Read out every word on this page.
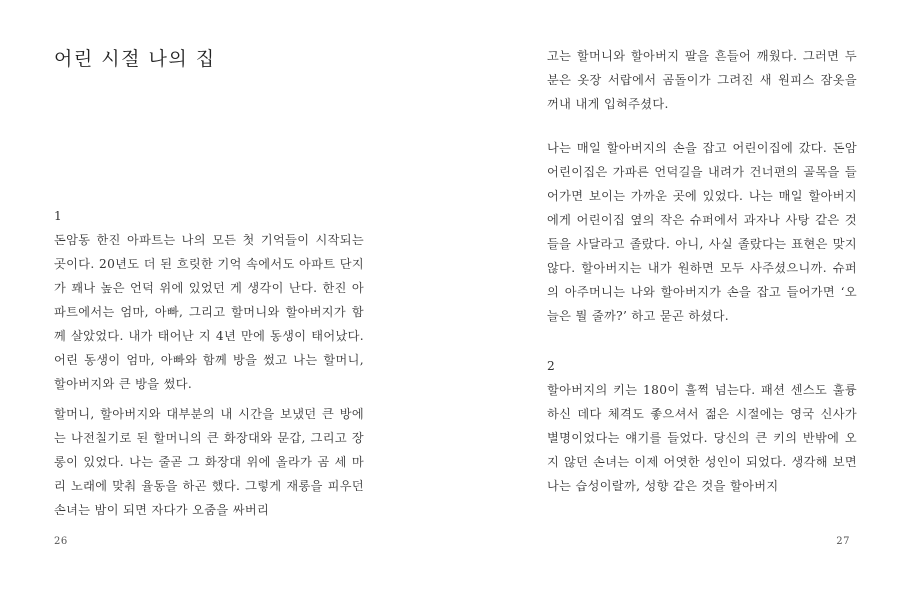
어린 시절 나의 집
1

돈암동 한진 아파트는 나의 모든 첫 기억들이 시작되는 곳이다. 20년도 더 된 흐릿한 기억 속에서도 아파트 단지가 꽤나 높은 언덕 위에 있었던 게 생각이 난다. 한진 아파트에서는 엄마, 아빠, 그리고 할머니와 할아버지가 함께 살았었다. 내가 태어난 지 4년 만에 동생이 태어났다. 어린 동생이 엄마, 아빠와 함께 방을 썼고 나는 할머니, 할아버지와 큰 방을 썼다.

할머니, 할아버지와 대부분의 내 시간을 보냈던 큰 방에는 나전칠기로 된 할머니의 큰 화장대와 문갑, 그리고 장롱이 있었다. 나는 줄곧 그 화장대 위에 올라가 곰 세 마리 노래에 맞춰 율동을 하곤 했다. 그렇게 재롱을 피우던 손녀는 밤이 되면 자다가 오줌을 싸버리

26

고는 할머니와 할아버지 팔을 흔들어 깨웠다. 그러면 두 분은 옷장 서랍에서 곰돌이가 그려진 새 원피스 잠옷을 꺼내 내게 입혀주셨다.

나는 매일 할아버지의 손을 잡고 어린이집에 갔다. 돈암 어린이집은 가파른 언덕길을 내려가 건너편의 골목을 들어가면 보이는 가까운 곳에 있었다. 나는 매일 할아버지에게 어린이집 옆의 작은 슈퍼에서 과자나 사탕 같은 것들을 사달라고 졸랐다. 아니, 사실 졸랐다는 표현은 맞지 않다. 할아버지는 내가 원하면 모두 사주셨으니까. 슈퍼의 아주머니는 나와 할아버지가 손을 잡고 들어가면 ‘오늘은 뭘 줄까?’ 하고 묻곤 하셨다.

2

할아버지의 키는 180이 훌쩍 넘는다. 패션 센스도 훌륭하신 데다 체격도 좋으셔서 젊은 시절에는 영국 신사가 별명이었다는 얘기를 들었다. 당신의 큰 키의 반밖에 오지 않던 손녀는 이제 어엿한 성인이 되었다. 생각해 보면 나는 습성이랄까, 성향 같은 것을 할아버지

27
